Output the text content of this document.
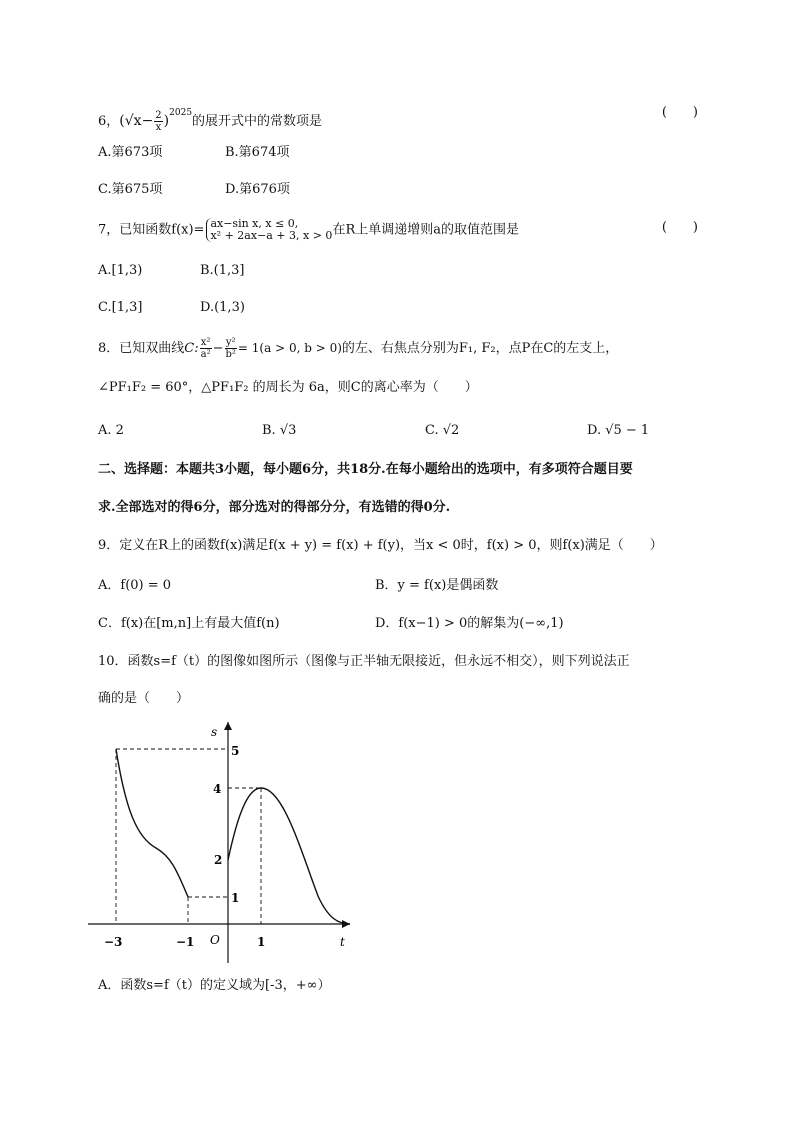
6，$(√x- \frac{2}{x} )^{2025}$的展开式中的常数项是
(　　)
A.第673项	B.第674项
C.第675项	D.第676项
7，已知函数f(x)= ax−sin x, x ≤ 0,
x² + 2ax−a + 3, x > 0 在R上单调递增则a的取值范围是	(　　)
A.[1,3)	B.(1,3]
C.[1,3]	D.(1,3)
8．已知双曲线C: $\frac{\text{x²}}{\text{a²}} - \frac{\text{y²}}{\text{b²}} = 1(a > 0$, b > 0)的左、右焦点分别为F₁, F₂，点P在C的左支上，
∠PF₁F₂ = 60°，△PF₁F₂ 的周长为 6a，则C的离心率为（　　）
A. 2	B. √3	C. √2	D. √5 − 1
二、选择题：本题共3小题，每小题6分，共18分.在每小题给出的选项中，有多项符合题目要
求.全部选对的得6分，部分选对的得部分分，有选错的得0分.
9．定义在R上的函数f(x)满足f(x + y) = f(x) + f(y)，当x < 0时，f(x) > 0，则f(x)满足（　　）
A．f(0) = 0	B．y = f(x)是偶函数
C．f(x)在[m,n]上有最大值f(n)	D．f(x−1) > 0的解集为(−∞,1)
10．函数s=f（t）的图像如图所示（图像与正半轴无限接近，但永远不相交），则下列说法正
确的是（　　）
s
t
O
5
4
2
1
−3	−1	1
A．函数s=f（t）的定义域为[-3，+∞）
